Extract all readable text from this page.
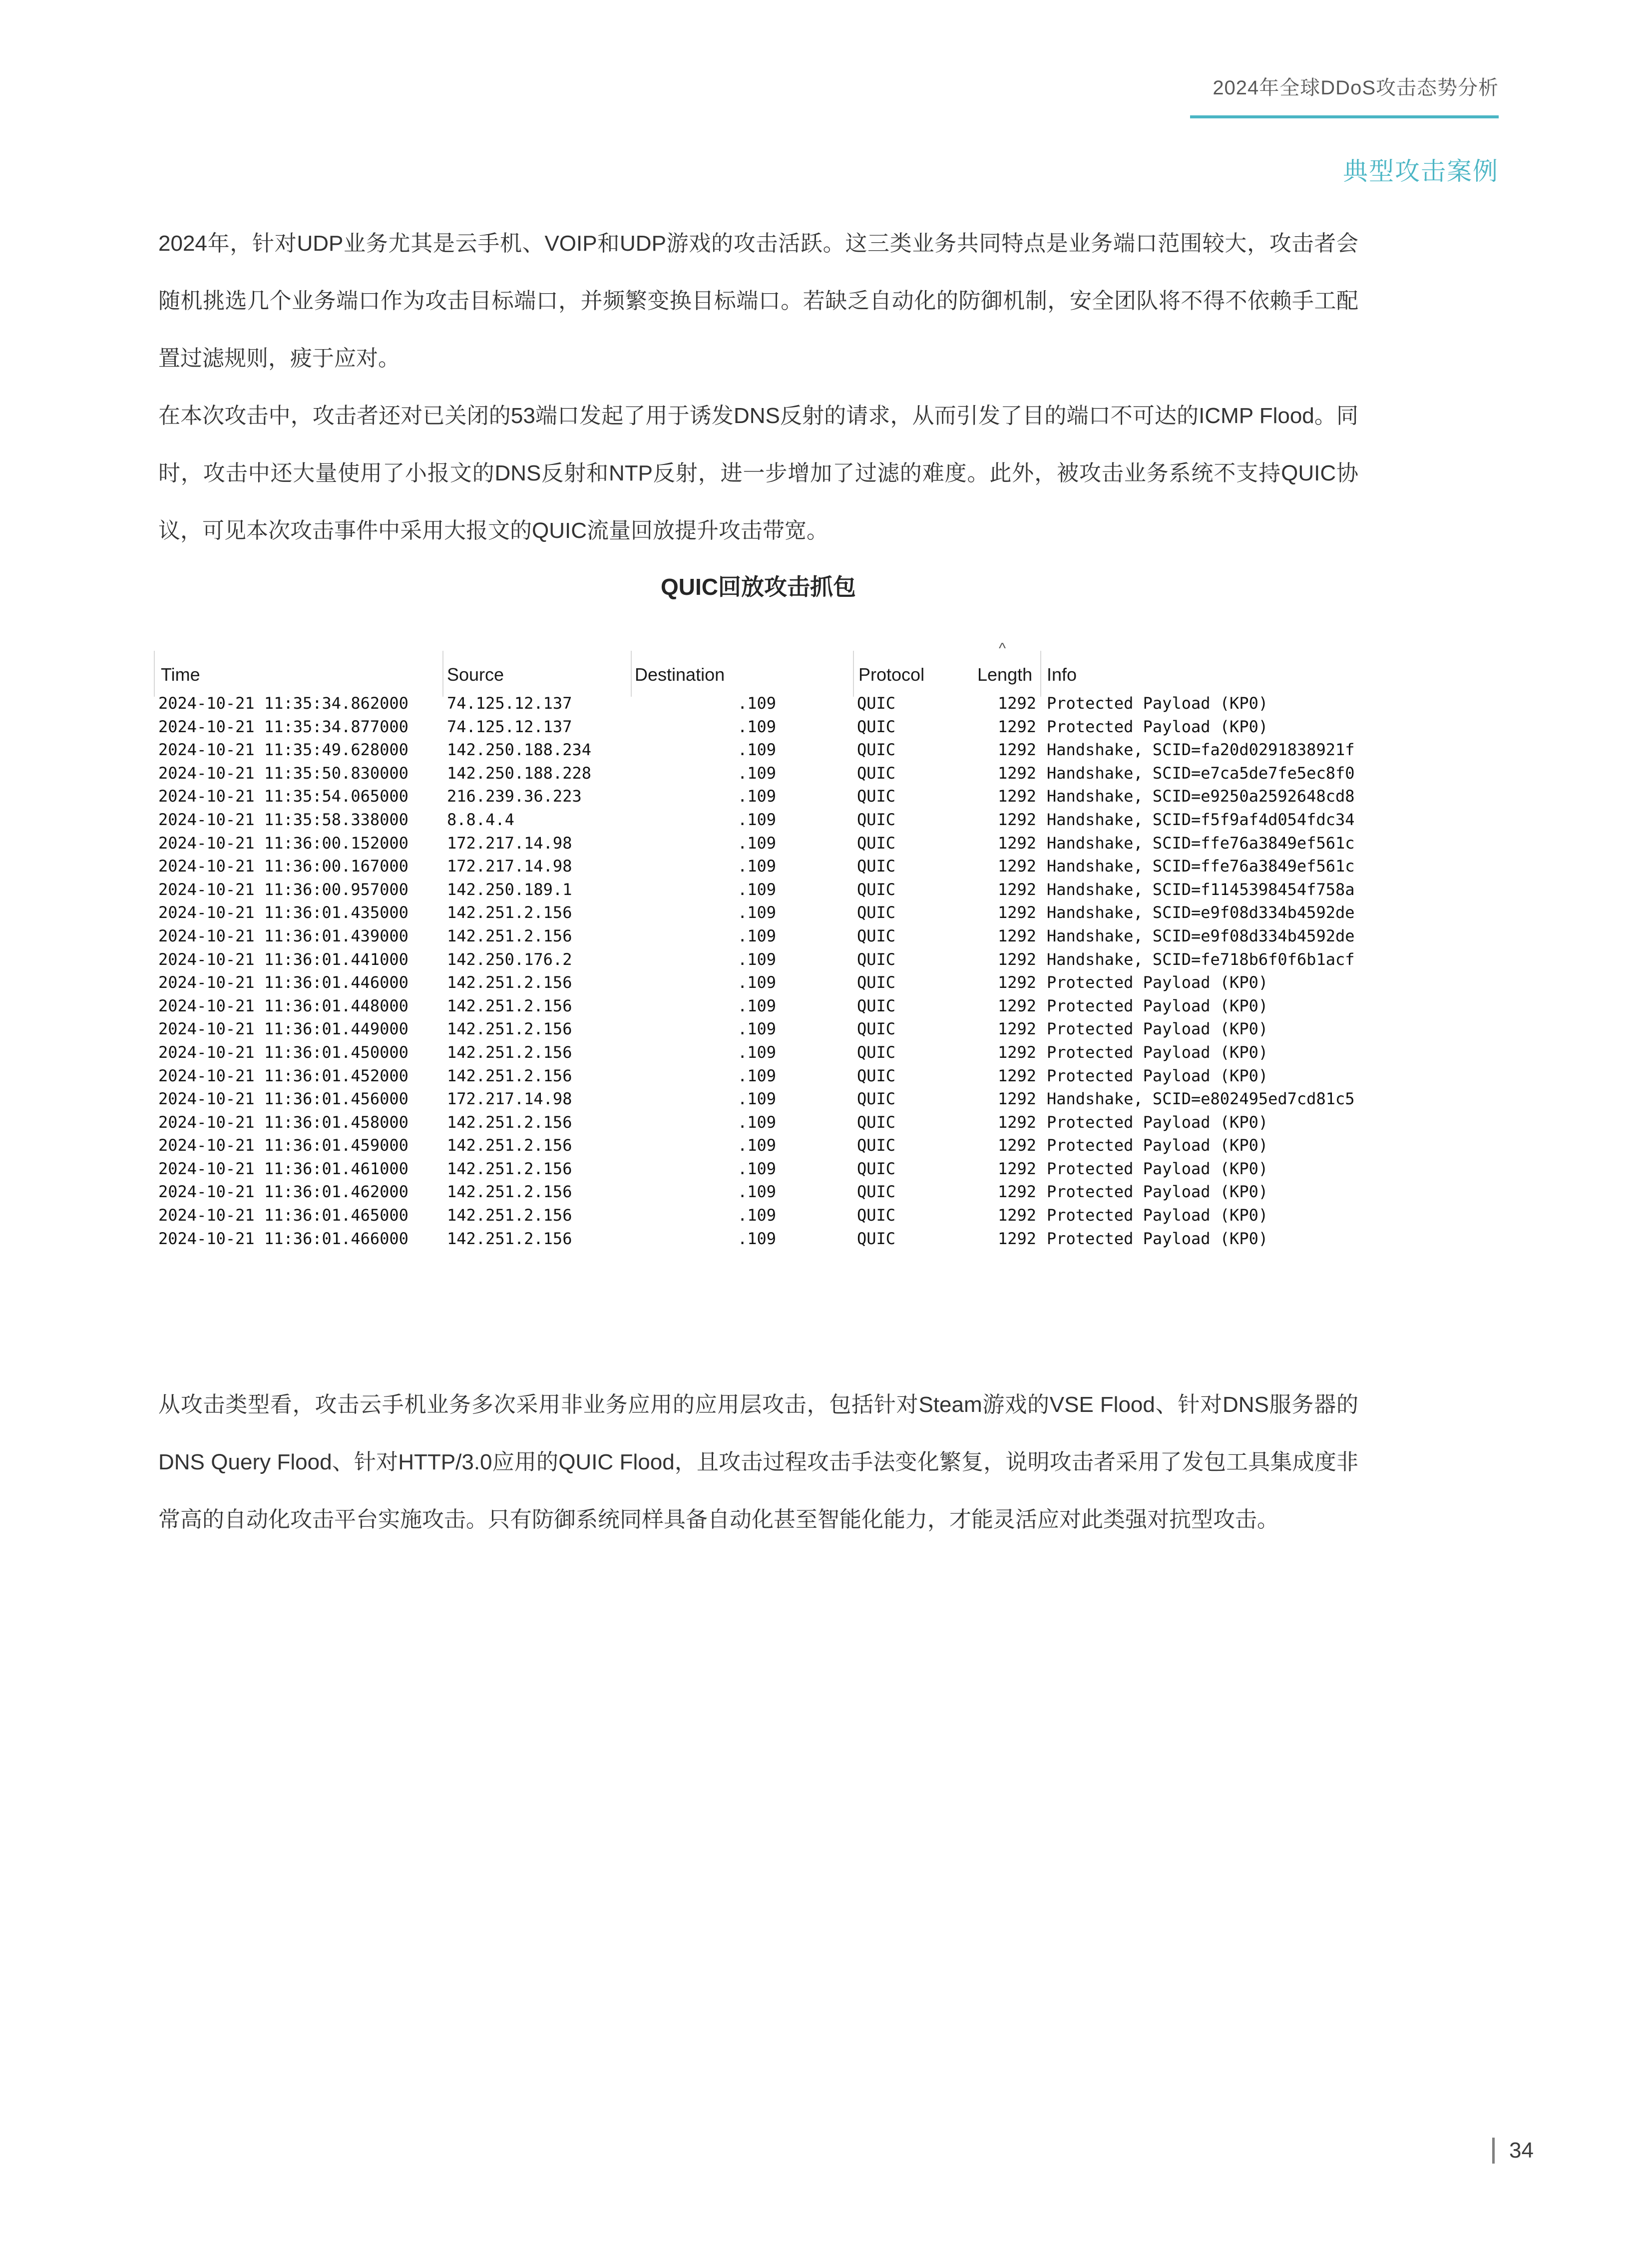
2024年全球DDoS攻击态势分析
典型攻击案例
2024年，针对UDP业务尤其是云手机、VOIP和UDP游戏的攻击活跃。这三类业务共同特点是业务端口范围较大，攻击者会随机挑选几个业务端口作为攻击目标端口，并频繁变换目标端口。若缺乏自动化的防御机制，安全团队将不得不依赖手工配置过滤规则，疲于应对。
在本次攻击中，攻击者还对已关闭的53端口发起了用于诱发DNS反射的请求，从而引发了目的端口不可达的ICMP Flood。同时，攻击中还大量使用了小报文的DNS反射和NTP反射，进一步增加了过滤的难度。此外，被攻击业务系统不支持QUIC协议，可见本次攻击事件中采用大报文的QUIC流量回放提升攻击带宽。
QUIC回放攻击抓包
^
Time	Source	Destination	Protocol	Length Info
2024-10-21 11:35:34.862000 74.125.12.137	.109	QUIC	1292 Protected Payload (KP0)
2024-10-21 11:35:34.877000 74.125.12.137	.109	QUIC	1292 Protected Payload (KP0)
2024-10-21 11:35:49.628000 142.250.188.234	.109	QUIC	1292 Handshake, SCID=fa20d0291838921f
2024-10-21 11:35:50.830000 142.250.188.228	.109	QUIC	1292 Handshake, SCID=e7ca5de7fe5ec8f0
2024-10-21 11:35:54.065000 216.239.36.223	.109	QUIC	1292 Handshake, SCID=e9250a2592648cd8
2024-10-21 11:35:58.338000 8.8.4.4	.109	QUIC	1292 Handshake, SCID=f5f9af4d054fdc34
2024-10-21 11:36:00.152000 172.217.14.98	.109	QUIC	1292 Handshake, SCID=ffe76a3849ef561c
2024-10-21 11:36:00.167000 172.217.14.98	.109	QUIC	1292 Handshake, SCID=ffe76a3849ef561c
2024-10-21 11:36:00.957000 142.250.189.1	.109	QUIC	1292 Handshake, SCID=f1145398454f758a
2024-10-21 11:36:01.435000 142.251.2.156	.109	QUIC	1292 Handshake, SCID=e9f08d334b4592de
2024-10-21 11:36:01.439000 142.251.2.156	.109	QUIC	1292 Handshake, SCID=e9f08d334b4592de
2024-10-21 11:36:01.441000 142.250.176.2	.109	QUIC	1292 Handshake, SCID=fe718b6f0f6b1acf
2024-10-21 11:36:01.446000 142.251.2.156	.109	QUIC	1292 Protected Payload (KP0)
2024-10-21 11:36:01.448000 142.251.2.156	.109	QUIC	1292 Protected Payload (KP0)
2024-10-21 11:36:01.449000 142.251.2.156	.109	QUIC	1292 Protected Payload (KP0)
2024-10-21 11:36:01.450000 142.251.2.156	.109	QUIC	1292 Protected Payload (KP0)
2024-10-21 11:36:01.452000 142.251.2.156	.109	QUIC	1292 Protected Payload (KP0)
2024-10-21 11:36:01.456000 172.217.14.98	.109	QUIC	1292 Handshake, SCID=e802495ed7cd81c5
2024-10-21 11:36:01.458000 142.251.2.156	.109	QUIC	1292 Protected Payload (KP0)
2024-10-21 11:36:01.459000 142.251.2.156	.109	QUIC	1292 Protected Payload (KP0)
2024-10-21 11:36:01.461000 142.251.2.156	.109	QUIC	1292 Protected Payload (KP0)
2024-10-21 11:36:01.462000 142.251.2.156	.109	QUIC	1292 Protected Payload (KP0)
2024-10-21 11:36:01.465000 142.251.2.156	.109	QUIC	1292 Protected Payload (KP0)
2024-10-21 11:36:01.466000 142.251.2.156	.109	QUIC	1292 Protected Payload (KP0)
从攻击类型看，攻击云手机业务多次采用非业务应用的应用层攻击，包括针对Steam游戏的VSE Flood、针对DNS服务器的DNS Query Flood、针对HTTP/3.0应用的QUIC Flood，且攻击过程攻击手法变化繁复，说明攻击者采用了发包工具集成度非常高的自动化攻击平台实施攻击。只有防御系统同样具备自动化甚至智能化能力，才能灵活应对此类强对抗型攻击。
34
